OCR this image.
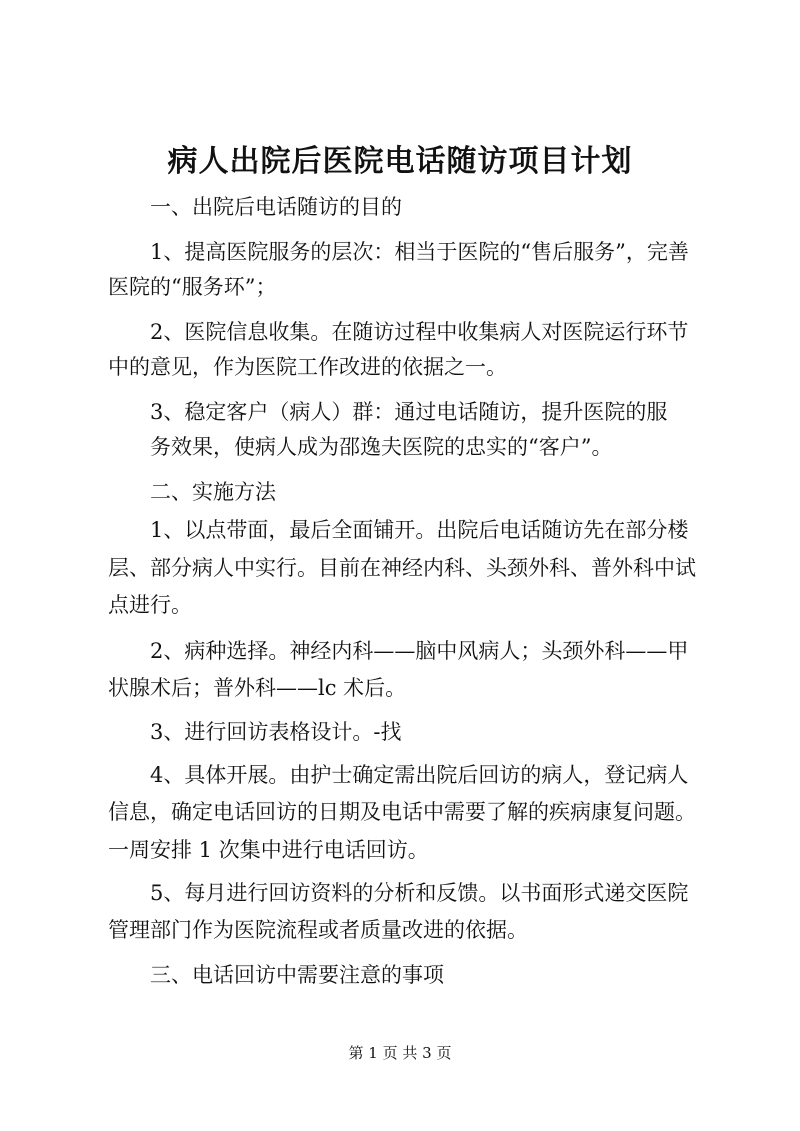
病人出院后医院电话随访项目计划
一、出院后电话随访的目的
1、提高医院服务的层次：相当于医院的“售后服务”，完善
医院的“服务环”；
2、医院信息收集。在随访过程中收集病人对医院运行环节
中的意见，作为医院工作改进的依据之一。
3、稳定客户（病人）群：通过电话随访，提升医院的服
务效果，使病人成为邵逸夫医院的忠实的“客户”。
二、实施方法
1、以点带面，最后全面铺开。出院后电话随访先在部分楼
层、部分病人中实行。目前在神经内科、头颈外科、普外科中试
点进行。
2、病种选择。神经内科——脑中风病人；头颈外科——甲
状腺术后；普外科——lc 术后。
3、进行回访表格设计。-找
4、具体开展。由护士确定需出院后回访的病人，登记病人
信息，确定电话回访的日期及电话中需要了解的疾病康复问题。
一周安排 1 次集中进行电话回访。
5、每月进行回访资料的分析和反馈。以书面形式递交医院
管理部门作为医院流程或者质量改进的依据。
三、电话回访中需要注意的事项
第 1 页 共 3 页
